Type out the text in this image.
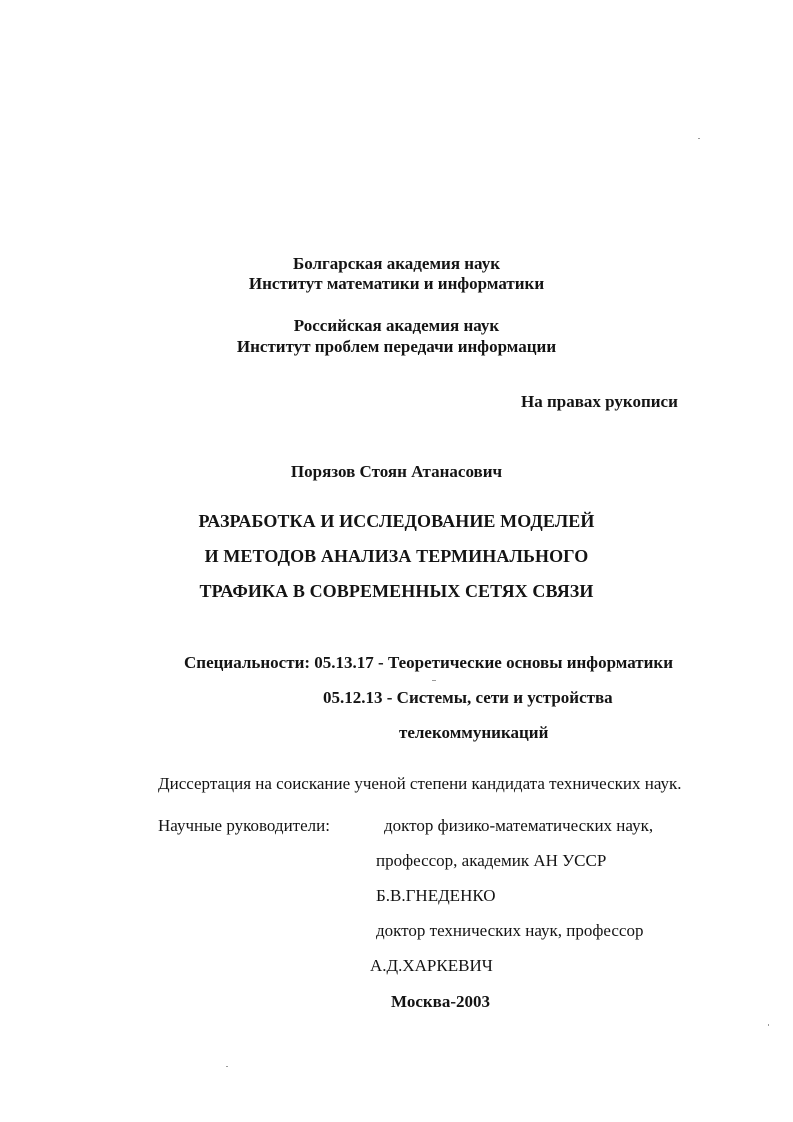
Болгарская академия наук
Институт математики и информатики
Российская академия наук
Институт проблем передачи информации
На правах рукописи
Порязов Стоян Атанасович
РАЗРАБОТКА И ИССЛЕДОВАНИЕ МОДЕЛЕЙ
И МЕТОДОВ АНАЛИЗА ТЕРМИНАЛЬНОГО
ТРАФИКА В СОВРЕМЕННЫХ СЕТЯХ СВЯЗИ
Специальности: 05.13.17 - Теоретические основы информатики
05.12.13 - Системы, сети и устройства
телекоммуникаций
Диссертация на соискание ученой степени кандидата технических наук.
Научные руководители:	доктор физико-математических наук,
профессор, академик АН УССР
Б.В.ГНЕДЕНКО
доктор технических наук, профессор
А.Д.ХАРКЕВИЧ
Москва-2003
